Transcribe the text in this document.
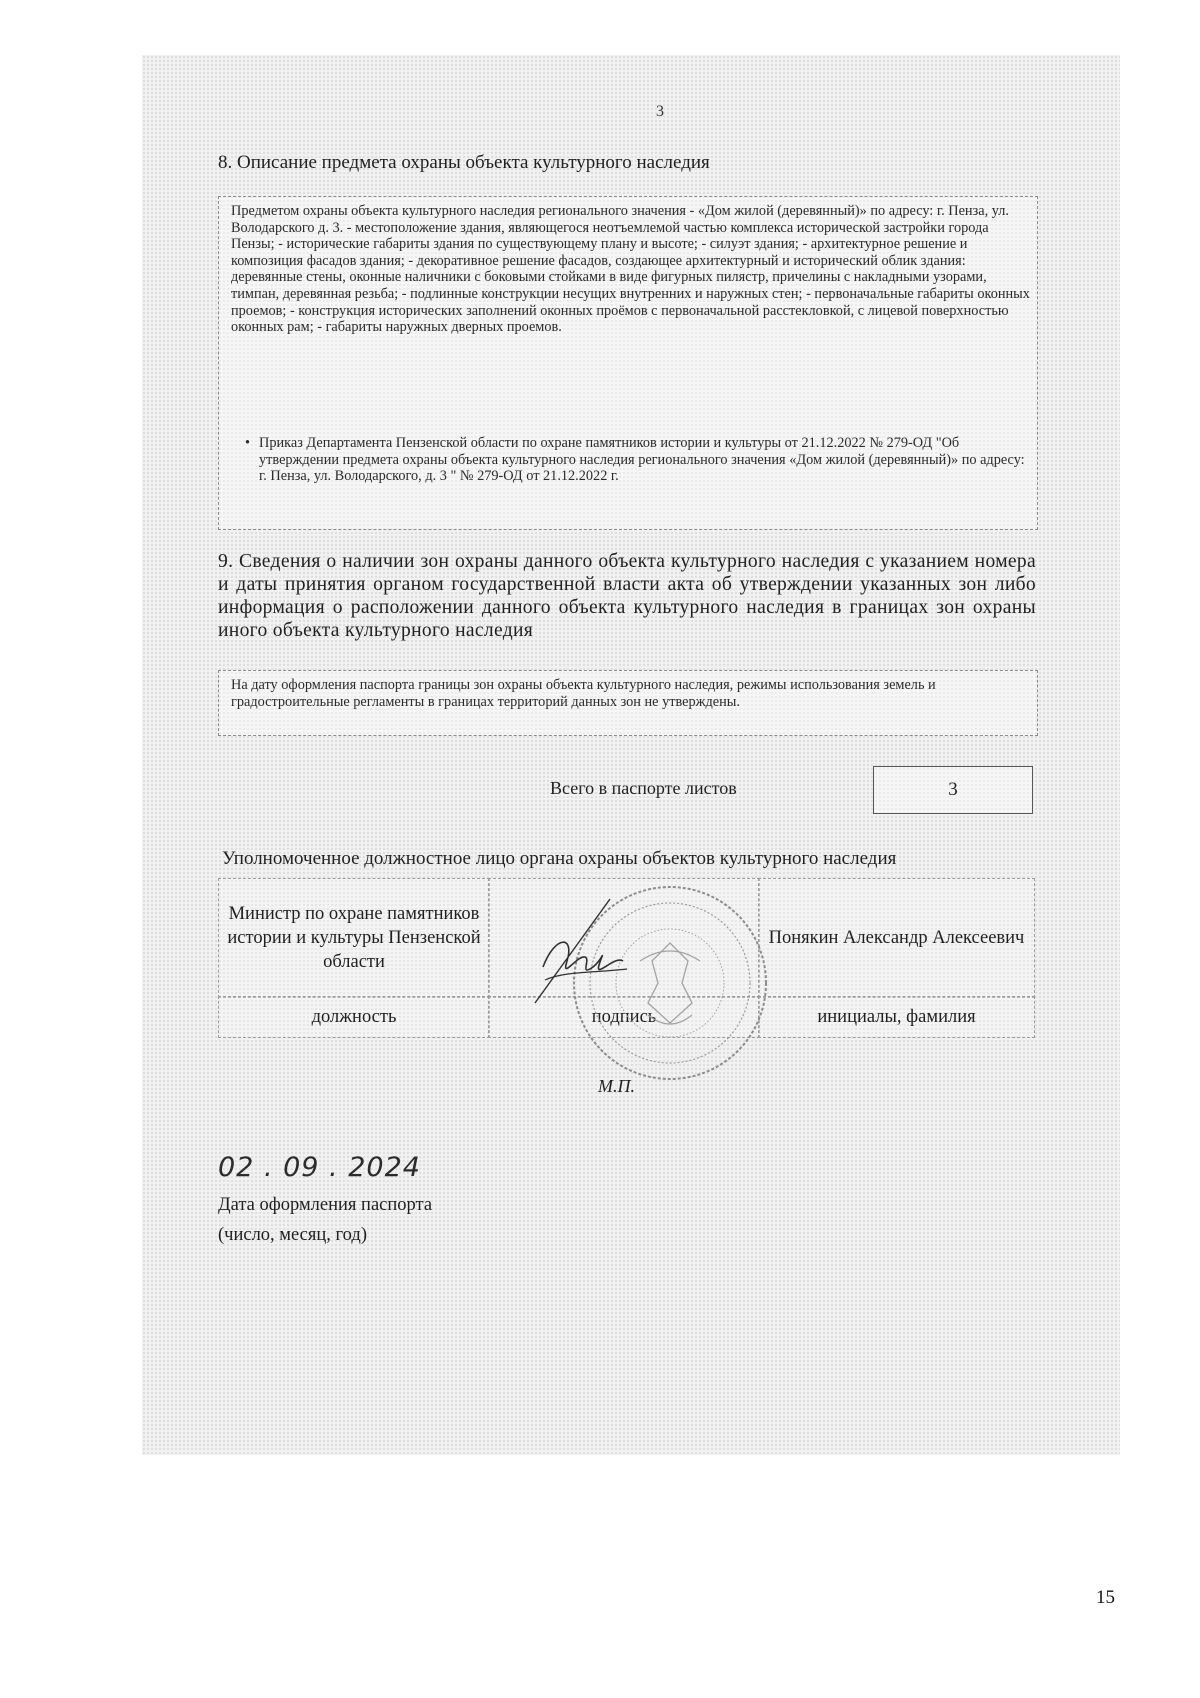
3
8. Описание предмета охраны объекта культурного наследия
Предметом охраны объекта культурного наследия регионального значения - «Дом жилой (деревянный)» по адресу: г. Пенза, ул. Володарского д. 3. - местоположение здания, являющегося неотъемлемой частью комплекса исторической застройки города Пензы; - исторические габариты здания по существующему плану и высоте; - силуэт здания; - архитектурное решение и композиция фасадов здания; - декоративное решение фасадов, создающее архитектурный и исторический облик здания: деревянные стены, оконные наличники с боковыми стойками в виде фигурных пилястр, причелины с накладными узорами, тимпан, деревянная резьба; - подлинные конструкции несущих внутренних и наружных стен; - первоначальные габариты оконных проемов; - конструкция исторических заполнений оконных проёмов с первоначальной расстекловкой, с лицевой поверхностью оконных рам; - габариты наружных дверных проемов.
• Приказ Департамента Пензенской области по охране памятников истории и культуры от 21.12.2022 № 279-ОД "Об утверждении предмета охраны объекта культурного наследия регионального значения «Дом жилой (деревянный)» по адресу: г. Пенза, ул. Володарского, д. 3 " № 279-ОД от 21.12.2022 г.
9. Сведения о наличии зон охраны данного объекта культурного наследия с указанием номера и даты принятия органом государственной власти акта об утверждении указанных зон либо информация о расположении данного объекта культурного наследия в границах зон охраны иного объекта культурного наследия
На дату оформления паспорта границы зон охраны объекта культурного наследия, режимы использования земель и градостроительные регламенты в границах территорий данных зон не утверждены.
Всего в паспорте листов	3
Уполномоченное должностное лицо органа охраны объектов культурного наследия
Министр по охране памятников истории и культуры Пензенской области
Понякин Александр Алексеевич
должность	подпись	инициалы, фамилия
М.П.
02 . 09 . 2024
Дата оформления паспорта
(число, месяц, год)
15
